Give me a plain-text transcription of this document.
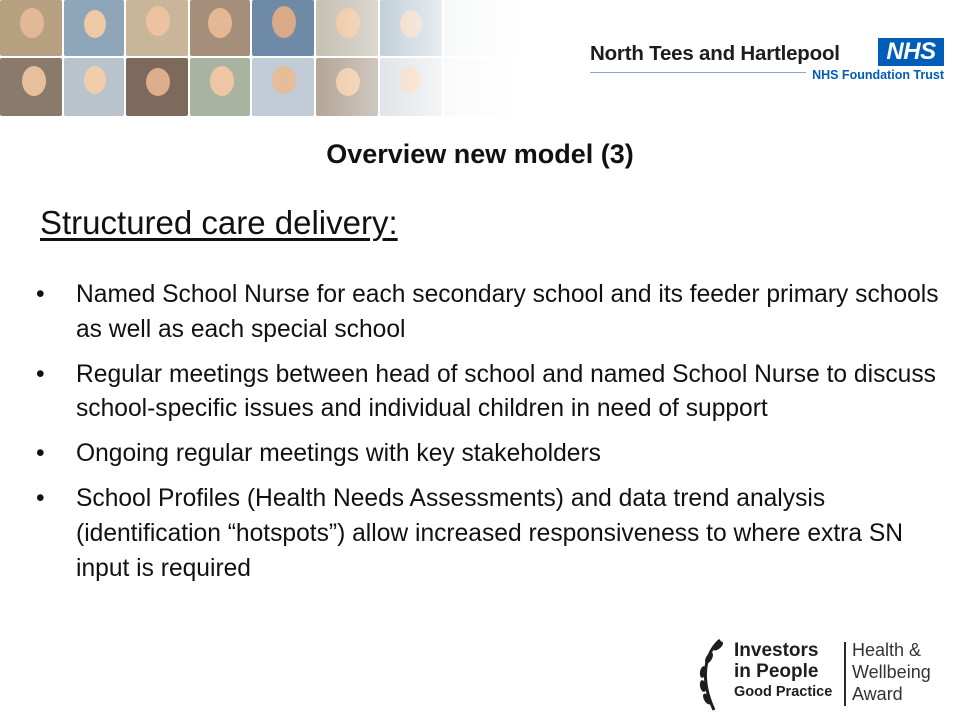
North Tees and Hartlepool	NHS
NHS Foundation Trust
Overview new model (3)
Structured care delivery:
• Named School Nurse for each secondary school and its feeder primary schools as well as each special school
• Regular meetings between head of school and named School Nurse to discuss school-specific issues and individual children in need of support
• Ongoing regular meetings with key stakeholders
• School Profiles (Health Needs Assessments) and data trend analysis (identification “hotspots”) allow increased responsiveness to where extra SN input is required
Investors
in People
Good Practice
Health &
Wellbeing
Award
